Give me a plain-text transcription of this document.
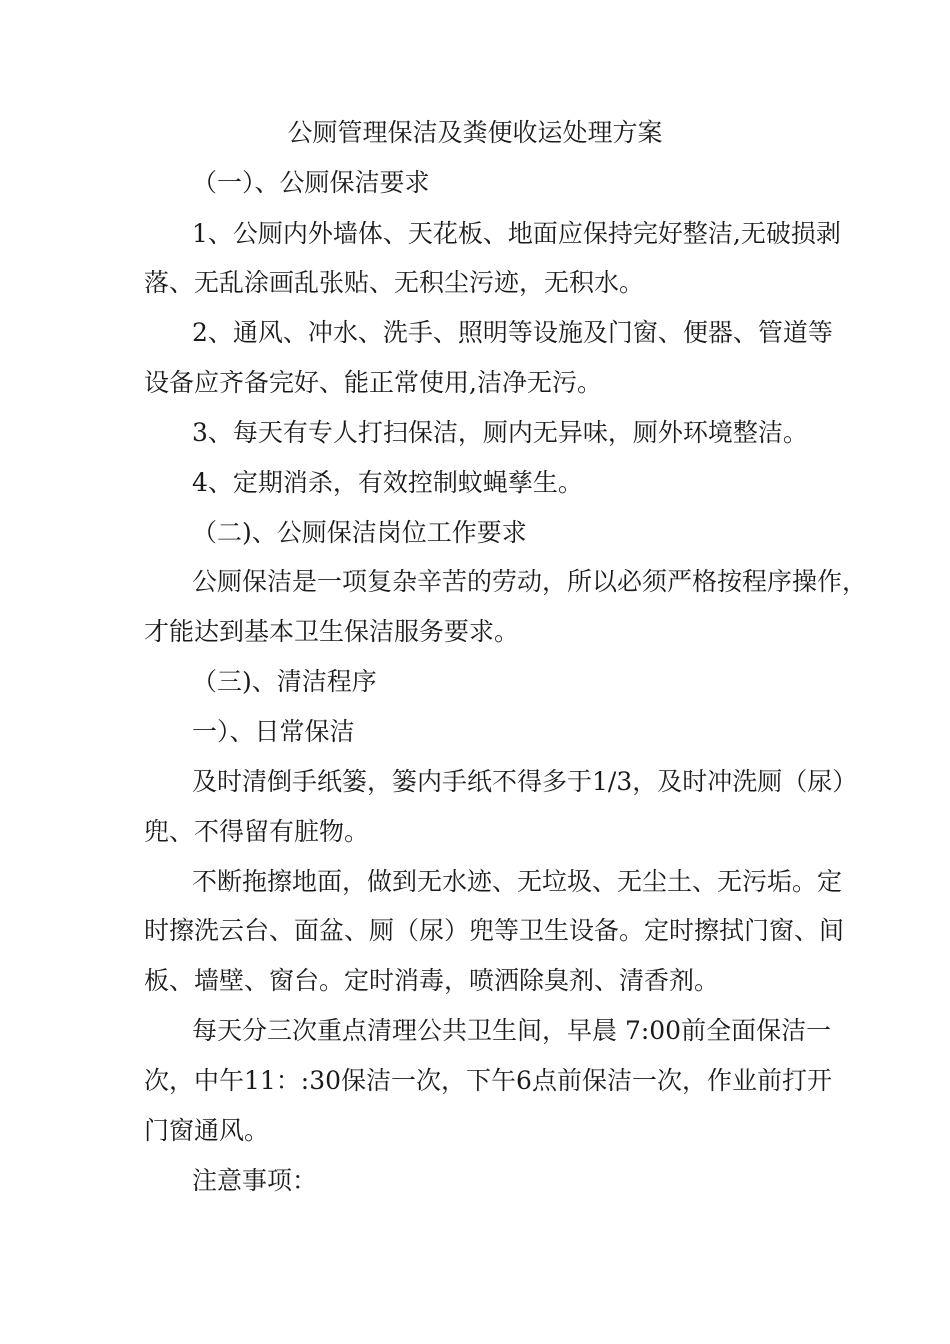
公厕管理保洁及粪便收运处理方案
（一）、公厕保洁要求
1、公厕内外墙体、天花板、地面应保持完好整洁,无破损剥
落、无乱涂画乱张贴、无积尘污迹，无积水。
2、通风、冲水、洗手、照明等设施及门窗、便器、管道等
设备应齐备完好、能正常使用,洁净无污。
3、每天有专人打扫保洁，厕内无异味，厕外环境整洁。
4、定期消杀，有效控制蚊蝇孳生。
（二)、公厕保洁岗位工作要求
公厕保洁是一项复杂辛苦的劳动，所以必须严格按程序操作，
才能达到基本卫生保洁服务要求。
（三)、清洁程序
一）、日常保洁
及时清倒手纸篓，篓内手纸不得多于1/3，及时冲洗厕（尿）
兜、不得留有脏物。
不断拖擦地面，做到无水迹、无垃圾、无尘土、无污垢。定
时擦洗云台、面盆、厕（尿）兜等卫生设备。定时擦拭门窗、间
板、墙壁、窗台。定时消毒，喷洒除臭剂、清香剂。
每天分三次重点清理公共卫生间，早晨 7:00前全面保洁一
次，中午11：:30保洁一次，下午6点前保洁一次，作业前打开
门窗通风。
注意事项：
